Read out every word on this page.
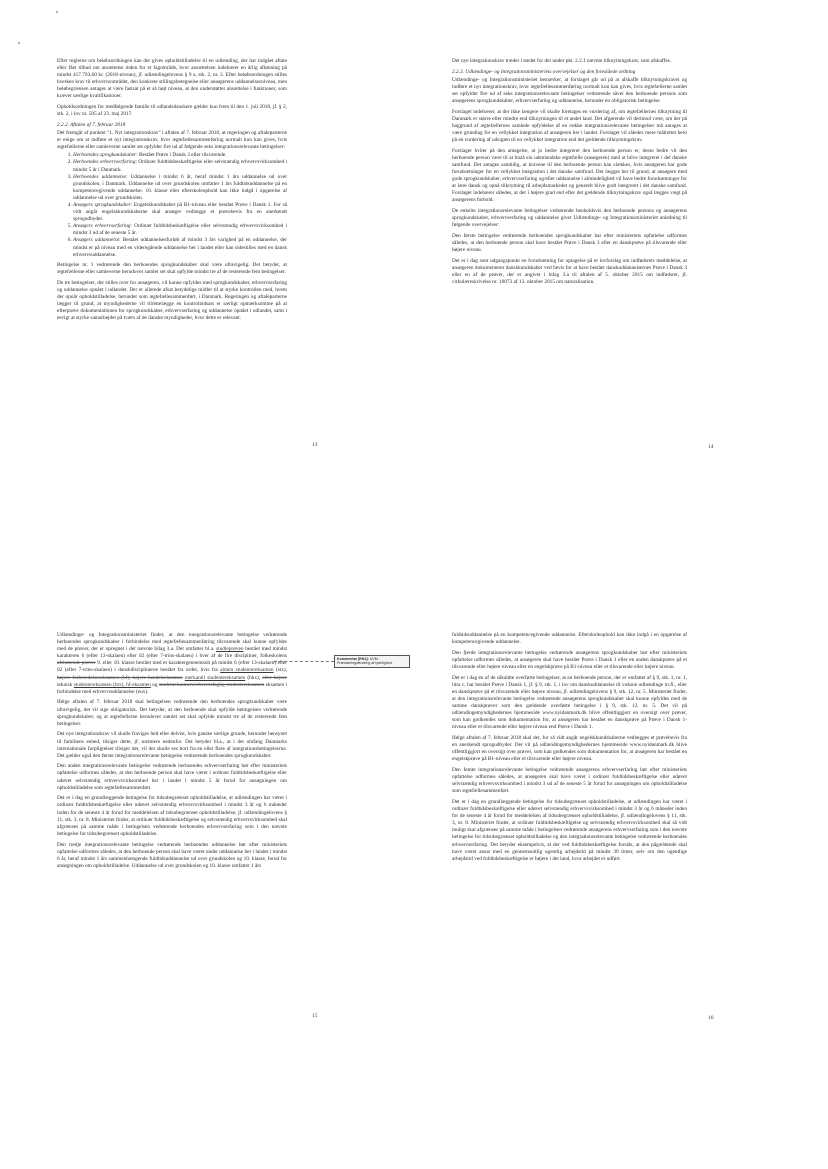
Efter reglerne om beløbsordningen kan der gives opholdstilladelse til en udlænding, der har indgået aftale eller fået tilbud om ansættelse inden for et fagområde, hvor ansættelsen indebærer en årlig aflønning på mindst 417.793,60 kr. (2018-niveau), jf. udlændingelovens § 9 a, stk. 2, nr. 3. Efter beløbsordningen stilles hverken krav til erhvervsområdet, den konkrete stillingsbetegnelse eller ansøgerens uddannelsesniveau, men beløbsgrænsen antages at være fastsat på et så højt niveau, at den understøtter ansættelse i funktioner, som kræver særlige kvalifikationer.

Opholdsordningen for medfølgende familie til udlandsdanskere gælder kun frem til den 1. juli 2018, jf. § 2, stk. 2, i lov nr. 505 af 23. maj 2017.

2.2.2. Aftalen af 7. februar 2018

Det fremgår af punktet "1. Nyt integrationskrav" i aftalen af 7. februar 2018, at regeringen og aftaleparterne er enige om at indføre et nyt integrationskrav, hvor ægtefællesammenføring normalt kun kan gives, hvis ægtefællerne eller samleverne samlet set opfylder fire ud af følgende seks integrationsrelevante betingelser:

1. Herboendes sprogkundskaber: Bestået Prøve i Dansk 3 eller tilsvarende.
2. Herboendes erhvervserfaring: Ordinær fuldtidsbeskæftigelse eller selvstændig erhvervsvirksomhed i mindst 5 år i Danmark.
3. Herboendes uddannelse: Uddannelse i mindst 6 år, heraf mindst 1 års uddannelse ud over grundskolen, i Danmark. Uddannelse ud over grundskolen omfatter 1 års fuldtidsuddannelse på en kompetencegivende uddannelse. 10. klasse eller efterskoleophold kan ikke indgå i opgørelse af uddannelse ud over grundskolen.
4. Ansøgers sprogkundskaber: Engelskkundskaber på B1-niveau eller bestået Prøve i Dansk 1. For så vidt angår engelskkundskaberne skal ansøger vedlægge et prøvebevis fra en anerkendt sprogudbyder.
5. Ansøgers erhvervserfaring: Ordinær fuldtidsbeskæftigelse eller selvstændig erhvervsvirksomhed i mindst 3 ud af de seneste 5 år.
6. Ansøgers uddannelse: Bestået uddannelsesforløb af mindst 3 års varighed på en uddannelse, der mindst er på niveau med en videregående uddannelse her i landet eller kan sidestilles med en dansk erhvervsuddannelse.

Betingelse nr. 1 vedrørende den herboendes sprogkundskaber skal være ufravigelig. Det betyder, at ægtefællerne eller samleverne herudover samlet set skal opfylde mindst tre af de resterende fem betingelser.

De tre betingelser, der stilles over for ansøgeren, vil kunne opfyldes med sprogkundskaber, erhvervserfaring og uddannelse opnået i udlandet. Der er allerede afsat betydelige midler til at styrke kontrollen med, hvem der opnår opholdstilladelse, herunder som ægtefællesammenført, i Danmark. Regeringen og aftaleparterne lægger til grund, at myndighederne vil tilrettelægge en kontrolindsats er særligt opmærksomme på at efterprøve dokumentationen for sprogkundskaber, erhvervserfaring og uddannelse opnået i udlandet, samt i øvrigt at styrke samarbejdet på tværs af de danske myndigheder, hvor dette er relevant.

13

Det nye integrationskrav træder i stedet for det under pkt. 2.2.1 nævnte tilknytningskrav, som afskaffes.

2.2.3. Udlændinge- og Integrationsministeriets overvejelser og den foreslåede ordning

Udlændinge- og Integrationsministeriet bemærker, at forslaget går ud på at afskaffe tilknytningskravet og indføre et nyt integrationskrav, hvor ægtefællesammenføring normalt kun kan gives, hvis ægtefællerne samlet set opfylder fire ud af seks integrationsrelevante betingelser vedrørende såvel den herboende persons som ansøgerens sprogkundskaber, erhvervserfaring og uddannelse, herunder én obligatorisk betingelse.

Forslaget indebærer, at der ikke længere vil skulle foretages en vurdering af, om ægtefællernes tilknytning til Danmark er større eller mindre end tilknytningen til et andet land. Det afgørende vil derimod være, om der på baggrund af ægtefællernes samlede opfyldelse af en række integrationsrelevante betingelser må antages at være grundlag for en vellykket integration af ansøgeren her i landet. Forslaget vil således mere målrettet bero på en vurdering af udsigten til en vellykket integration end det gældende tilknytningskrav.

Forslaget hviler på den antagelse, at jo bedre integreret den herboende person er, desto bedre vil den herboende person være til at bistå sin udenlandske ægtefælle (ansøgeren) med at blive integreret i det danske samfund. Det antages samtidig, at kravene til den herboende person kan slækkes, hvis ansøgeren har gode forudsætninger for en vellykket integration i det danske samfund. Det lægges her til grund, at ansøgere med gode sprogkundskaber, erhvervserfaring og/eller uddannelse i almindelighed vil have bedre forudsætninger for at lære dansk og opnå tilknytning til arbejdsmarkedet og generelt blive godt integreret i det danske samfund. Forslaget indebærer således, at der i højere grad end efter det gældende tilknytningskrav også lægges vægt på ansøgerens forhold.

De enkelte integrationsrelevante betingelser vedrørende henholdsvis den herboende persons og ansøgerens sprogkundskaber, erhvervserfaring og uddannelse giver Udlændinge- og Integrationsministeriet anledning til følgende overvejelser:

Den første betingelse vedrørende herboendes sprogkundskaber har efter ministeriets opfattelse udformes således, at den herboende person skal have bestået Prøve i Dansk 3 eller en danskprøve på tilsvarende eller højere niveau.

Det er i dag som udgangspunkt en forudsætning for optagelse på et lovforslag om indfødsrets meddelelse, at ansøgeren dokumenterer danskkundskaber ved bevis for at have bestået danskuddannelsernes Prøve i Dansk 3 eller en af de prøver, der er angivet i bilag 3.a til aftalen af 5. oktober 2015 om indfødsret, jf. cirkulæreskrivelse nr. 10873 af 13. oktober 2015 om naturalisation.

14

Udlændinge- og Integrationsministeriet finder, at den integrationsrelevante betingelse vedrørende herboendes sprogkundskaber i forbindelse med ægtefællesammenføring tilsvarende skal kunne opfyldes med de prøver, der er opregnet i det nævnte bilag 3.a. Det omfatter bl.a. studieprøven bestået med mindst karakteren 6 (efter 13-skalaen) eller 02 (efter 7-trins-skalaen) i hver af de fire discipliner, folkeskolens afsluttende prøver 9. eller 10. klasse bestået med et karaktergennemsnit på mindst 6 (efter 13-skalaen) eller 02 (efter 7-trins-skalaen) i danskdisciplinerne bestået fra ordet, hvis fra almen studentereksamen (stx), højere forberedelseseksamen (hf), højere handelseksamen merkantil studentereksamen (hhx), eller højere teknisk studentereksamen (htx), hf-eksamen og studenteksamen/erhvervsfaglig studentereksamen eksamen i forbindelse med erhvervsuddannelse (eux).

Ifølge aftalen af 7. februar 2018 skal betingelsen vedrørende den herboendes sprogkundskaber være ufravigelig, det vil sige obligatorisk. Det betyder, at den herboende skal opfylde betingelsen vedrørende sprogkundskaber, og at ægtefællerne herudover samlet set skal opfylde mindst tre af de resterende fem betingelser.

Det nye integrationskrav vil skulle fraviges helt eller delvist, hvis ganske særlige grunde, herunder hensynet til familiens enhed, tilsiger dette, jf. nærmere nedenfor. Det betyder bl.a., at i det omfang Danmarks internationale forpligtelser tilsiger det, vil der skulle ses bort fra en eller flere af integrationsbetingelserne. Det gælder også den første integrationsrelevante betingelse vedrørende herboendes sprogkundskaber.

Den anden integrationsrelevante betingelse vedrørende herboendes erhvervserfaring bør efter ministeriets opfattelse udformes således, at den herboende person skal have været i ordinær fuldtidsbeskæftigelse eller udøvet selvstændig erhvervsvirksomhed her i landet i mindst 5 år forud for ansøgningen om opholdstilladelse som ægtefællesammenført.

Det er i dag en grundlæggende betingelse for tidsubegrænset opholdstilladelse, at udlændingen har været i ordinær fuldtidsbeskæftigelse eller udøvet selvstændig erhvervsvirksomhed i mindst 3 år og 6 måneder inden for de seneste 4 år forud for meddelelsen af tidsubegrænset opholdstilladelse, jf. udlændingelovens § 11, stk. 3, nr. 8. Ministeriet finder, at ordinær fuldtidsbeskæftigelse og selvstændig erhvervsvirksomhed skal afgrænses på samme måde i betingelsen vedrørende herboendes erhvervserfaring som i den nævnte betingelse for tidsubegrænset opholdstilladelse.

Den tredje integrationsrelevante betingelse vedrørende herboendes uddannelse bør efter ministeriets opfattelse udformes således, at den herboende person skal have været under uddannelse her i landet i mindst 6 år, heraf mindst 1 års sammenhængende fuldtidsuddannelse ud over grundskolen og 10. klasse, forud for ansøgningen om opholdstilladelse. Uddannelse ud over grundskolen og 10. klasse omfatter 1 års

Kommentar [RH1]: UVM.
Præcisering/ændring af tydelighed.
15

fuldtidsuddannelse på en kompetencegivende uddannelse. Efterskoleophold kan ikke indgå i en opgørelse af kompetencegivende uddannelse.

Den fjerde integrationsrelevante betingelse vedrørende ansøgerens sprogkundskaber bør efter ministeriets opfattelse udformes således, at ansøgeren skal have bestået Prøve i Dansk 1 eller en anden danskprøve på et tilsvarende eller højere niveau eller en engelskprøve på B1-niveau eller et tilsvarende eller højere niveau.

Det er i dag en af de såkaldte overførte betingelser, at en herboende person, der er omfattet af § 9, stk. 1, nr. 1, litra c, har bestået Prøve i Dansk 1, jf. § 9, stk. 1, i lov om danskuddannelse til voksne udlændinge m.fl., eller en danskprøve på et tilsvarende eller højere niveau, jf. udlændingelovens § 9, stk. 12, nr. 5. Ministeriet finder, at den integrationsrelevante betingelse vedrørende ansøgerens sprogkundskaber skal kunne opfyldes med de samme danskprøver som den gældende overførte betingelse i § 9, stk. 12, nr. 5. Det vil på udlændingemyndighedernes hjemmeside www.nyidanmark.dk blive offentliggjort en oversigt over prøver, som kan godkendes som dokumentation for, at ansøgeren har bestået en danskprøve på Prøve i Dansk 1-niveau eller et tilsvarende eller højere niveau end Prøve i Dansk 1.

Ifølge aftalen af 7. februar 2018 skal der, for så vidt angår engelskkundskaberne vedlægges et prøvebevis fra en anerkendt sprogudbyder. Der vil på udlændingemyndighedernes hjemmeside www.nyidanmark.dk blive offentliggjort en oversigt over prøver, som kan godkendes som dokumentation for, at ansøgeren har bestået en engelskprøve på B1-niveau eller et tilsvarende eller højere niveau.

Den femte integrationsrelevante betingelse vedrørende ansøgerens erhvervserfaring bør efter ministeriets opfattelse udformes således, at ansøgeren skal have været i ordinær fuldtidsbeskæftigelse eller udøvet selvstændig erhvervsvirksomhed i mindst 3 ud af de seneste 5 år forud for ansøgningen om opholdstilladelse som ægtefællesammenført.

Det er i dag en grundlæggende betingelse for tidsubegrænset opholdstilladelse, at udlændingen har været i ordinær fuldtidsbeskæftigelse eller udøvet selvstændig erhvervsvirksomhed i mindst 3 år og 6 måneder inden for de seneste 4 år forud for meddelelsen af tidsubegrænset opholdstilladelse, jf. udlændingelovens § 11, stk. 3, nr. 8. Ministeriet finder, at ordinær fuldtidsbeskæftigelse og selvstændig erhvervsvirksomhed skal så vidt muligt skal afgrænses på samme måde i betingelsen vedrørende ansøgerens erhvervserfaring som i den nævnte betingelse for tidsubegrænset opholdstilladelse og den integrationsrelevante betingelse vedrørende herboendes erhvervserfaring. Det betyder eksempelvis, at der ved fuldtidsbeskæftigelse forstås, at den pågældende skal have været ansat med en gennemsnitlig ugentlig arbejdstid på mindst 30 timer, selv om den ugentlige arbejdstid ved fuldtidsbeskæftigelse er højere i det land, hvor arbejdet er udført.

16
